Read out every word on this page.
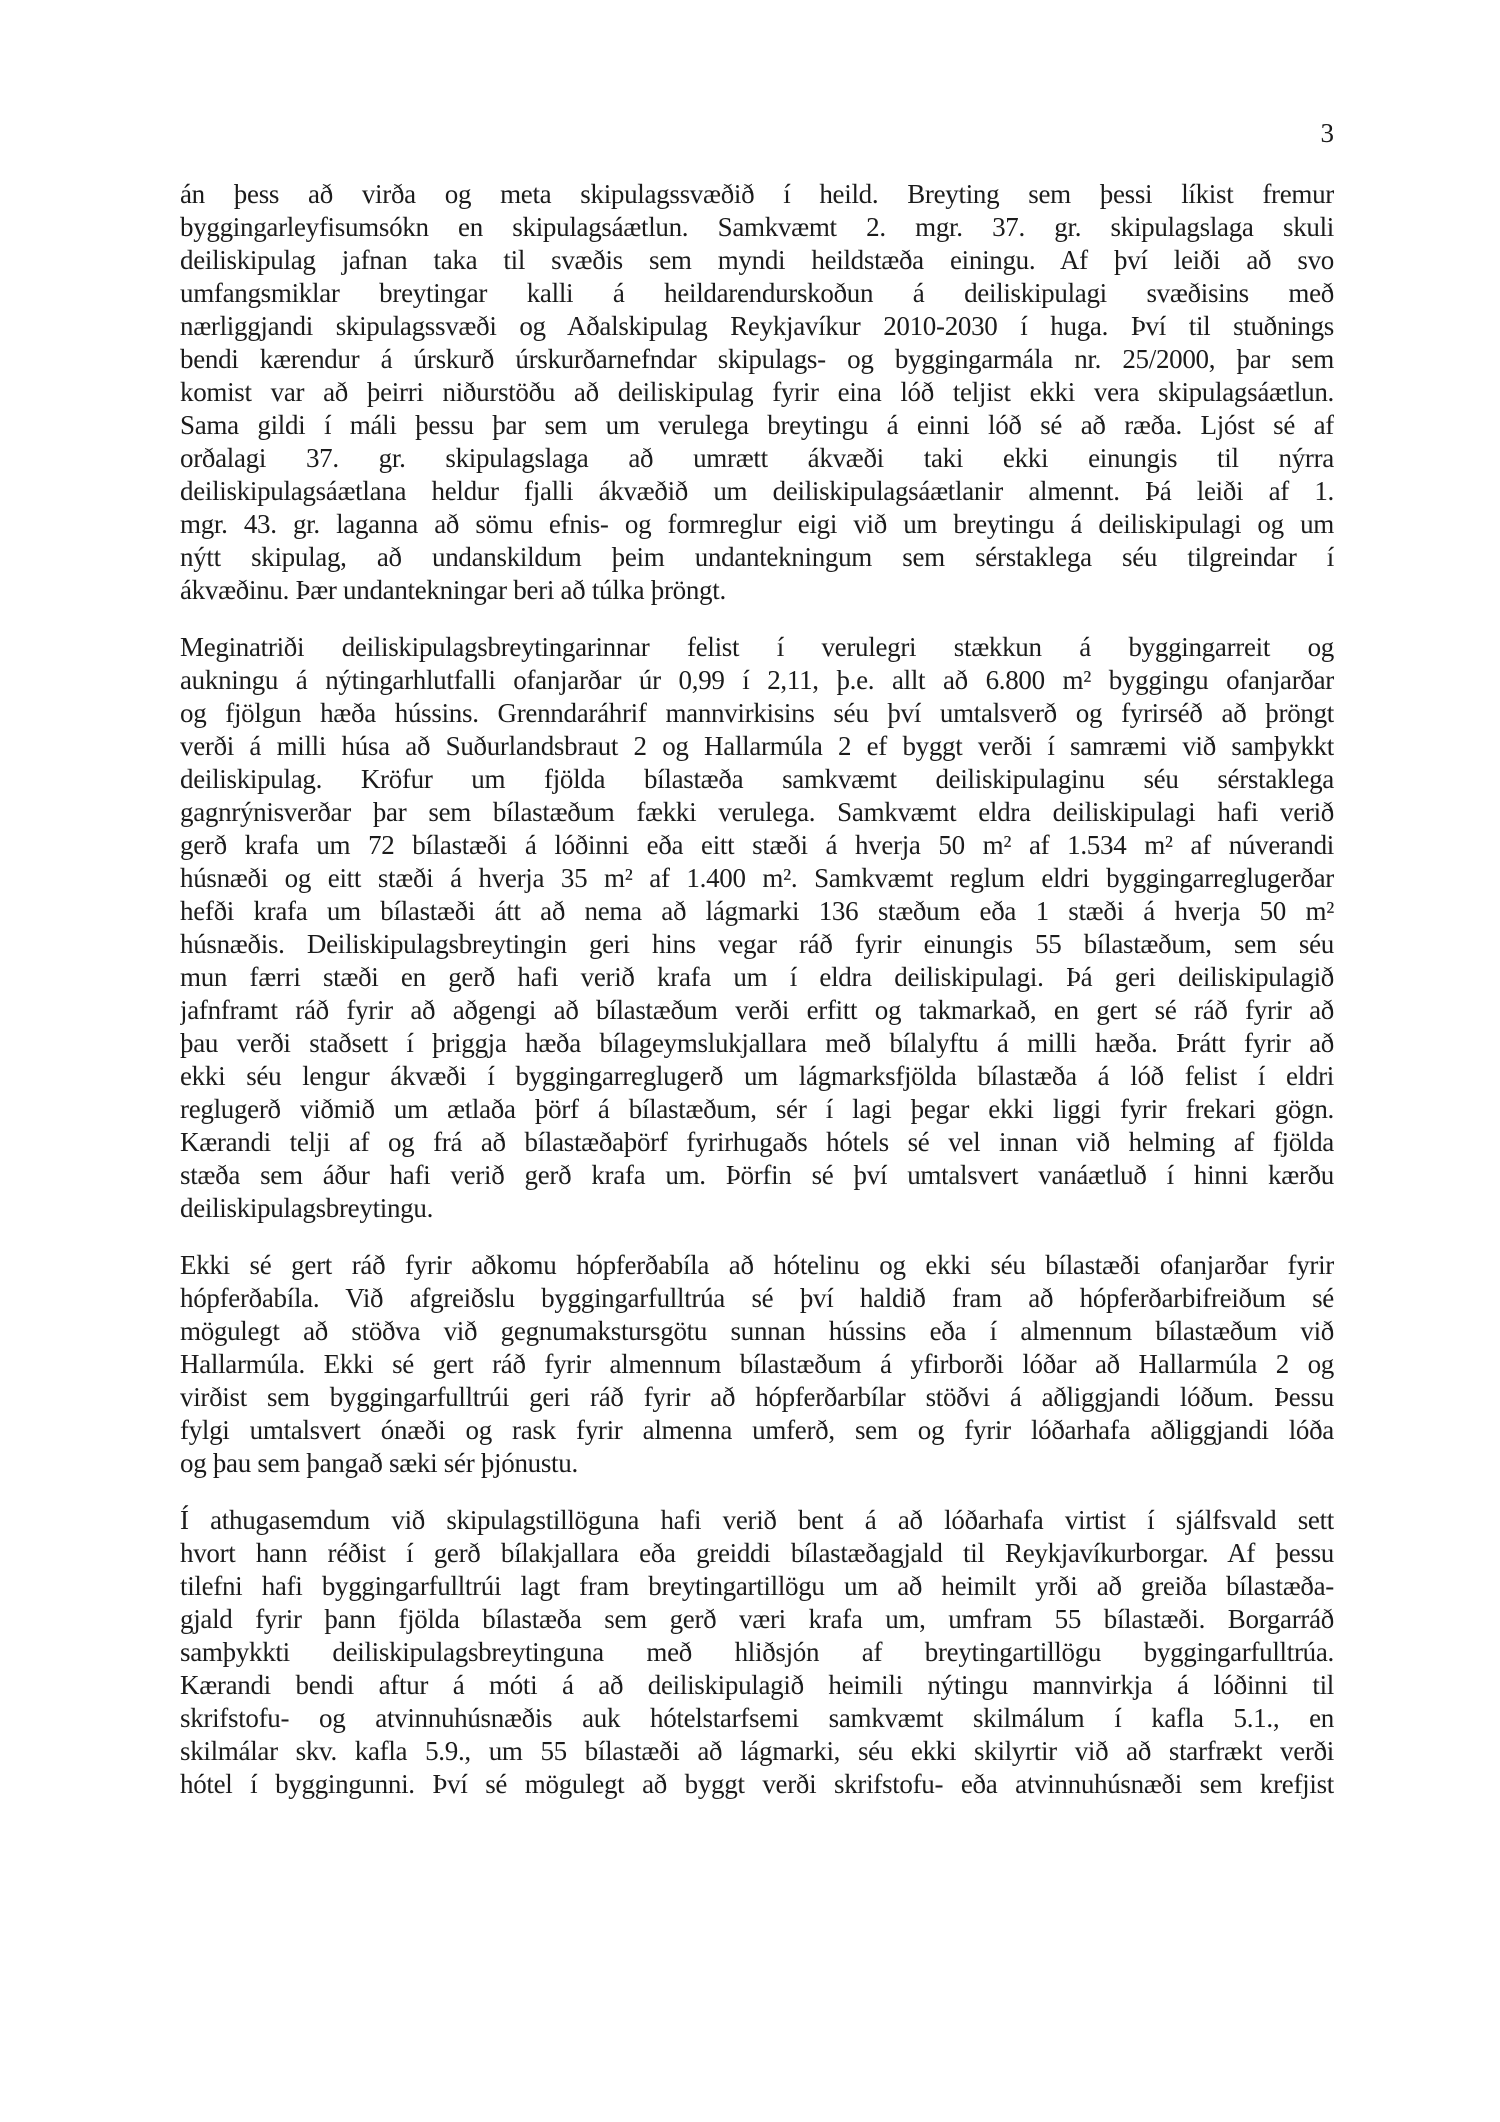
3
án þess að virða og meta skipulagssvæðið í heild. Breyting sem þessi líkist fremur
byggingarleyfisumsókn en skipulagsáætlun. Samkvæmt 2. mgr. 37. gr. skipulagslaga skuli
deiliskipulag jafnan taka til svæðis sem myndi heildstæða einingu. Af því leiði að svo
umfangsmiklar breytingar kalli á heildarendurskoðun á deiliskipulagi svæðisins með
nærliggjandi skipulagssvæði og Aðalskipulag Reykjavíkur 2010-2030 í huga. Því til stuðnings
bendi kærendur á úrskurð úrskurðarnefndar skipulags- og byggingarmála nr. 25/2000, þar sem
komist var að þeirri niðurstöðu að deiliskipulag fyrir eina lóð teljist ekki vera skipulagsáætlun.
Sama gildi í máli þessu þar sem um verulega breytingu á einni lóð sé að ræða. Ljóst sé af
orðalagi 37. gr. skipulagslaga að umrætt ákvæði taki ekki einungis til nýrra
deiliskipulagsáætlana heldur fjalli ákvæðið um deiliskipulagsáætlanir almennt. Þá leiði af 1.
mgr. 43. gr. laganna að sömu efnis- og formreglur eigi við um breytingu á deiliskipulagi og um
nýtt skipulag, að undanskildum þeim undantekningum sem sérstaklega séu tilgreindar í
ákvæðinu. Þær undantekningar beri að túlka þröngt.
Meginatriði deiliskipulagsbreytingarinnar felist í verulegri stækkun á byggingarreit og
aukningu á nýtingarhlutfalli ofanjarðar úr 0,99 í 2,11, þ.e. allt að 6.800 m² byggingu ofanjarðar
og fjölgun hæða hússins. Grenndaráhrif mannvirkisins séu því umtalsverð og fyrirséð að þröngt
verði á milli húsa að Suðurlandsbraut 2 og Hallarmúla 2 ef byggt verði í samræmi við samþykkt
deiliskipulag. Kröfur um fjölda bílastæða samkvæmt deiliskipulaginu séu sérstaklega
gagnrýnisverðar þar sem bílastæðum fækki verulega. Samkvæmt eldra deiliskipulagi hafi verið
gerð krafa um 72 bílastæði á lóðinni eða eitt stæði á hverja 50 m² af 1.534 m² af núverandi
húsnæði og eitt stæði á hverja 35 m² af 1.400 m². Samkvæmt reglum eldri byggingarreglugerðar
hefði krafa um bílastæði átt að nema að lágmarki 136 stæðum eða 1 stæði á hverja 50 m²
húsnæðis. Deiliskipulagsbreytingin geri hins vegar ráð fyrir einungis 55 bílastæðum, sem séu
mun færri stæði en gerð hafi verið krafa um í eldra deiliskipulagi. Þá geri deiliskipulagið
jafnframt ráð fyrir að aðgengi að bílastæðum verði erfitt og takmarkað, en gert sé ráð fyrir að
þau verði staðsett í þriggja hæða bílageymslukjallara með bílalyftu á milli hæða. Þrátt fyrir að
ekki séu lengur ákvæði í byggingarreglugerð um lágmarksfjölda bílastæða á lóð felist í eldri
reglugerð viðmið um ætlaða þörf á bílastæðum, sér í lagi þegar ekki liggi fyrir frekari gögn.
Kærandi telji af og frá að bílastæðaþörf fyrirhugaðs hótels sé vel innan við helming af fjölda
stæða sem áður hafi verið gerð krafa um. Þörfin sé því umtalsvert vanáætluð í hinni kærðu
deiliskipulagsbreytingu.
Ekki sé gert ráð fyrir aðkomu hópferðabíla að hótelinu og ekki séu bílastæði ofanjarðar fyrir
hópferðabíla. Við afgreiðslu byggingarfulltrúa sé því haldið fram að hópferðarbifreiðum sé
mögulegt að stöðva við gegnumakstursgötu sunnan hússins eða í almennum bílastæðum við
Hallarmúla. Ekki sé gert ráð fyrir almennum bílastæðum á yfirborði lóðar að Hallarmúla 2 og
virðist sem byggingarfulltrúi geri ráð fyrir að hópferðarbílar stöðvi á aðliggjandi lóðum. Þessu
fylgi umtalsvert ónæði og rask fyrir almenna umferð, sem og fyrir lóðarhafa aðliggjandi lóða
og þau sem þangað sæki sér þjónustu.
Í athugasemdum við skipulagstillöguna hafi verið bent á að lóðarhafa virtist í sjálfsvald sett
hvort hann réðist í gerð bílakjallara eða greiddi bílastæðagjald til Reykjavíkurborgar. Af þessu
tilefni hafi byggingarfulltrúi lagt fram breytingartillögu um að heimilt yrði að greiða bílastæða-
gjald fyrir þann fjölda bílastæða sem gerð væri krafa um, umfram 55 bílastæði. Borgarráð
samþykkti deiliskipulagsbreytinguna með hliðsjón af breytingartillögu byggingarfulltrúa.
Kærandi bendi aftur á móti á að deiliskipulagið heimili nýtingu mannvirkja á lóðinni til
skrifstofu- og atvinnuhúsnæðis auk hótelstarfsemi samkvæmt skilmálum í kafla 5.1., en
skilmálar skv. kafla 5.9., um 55 bílastæði að lágmarki, séu ekki skilyrtir við að starfrækt verði
hótel í byggingunni. Því sé mögulegt að byggt verði skrifstofu- eða atvinnuhúsnæði sem krefjist
